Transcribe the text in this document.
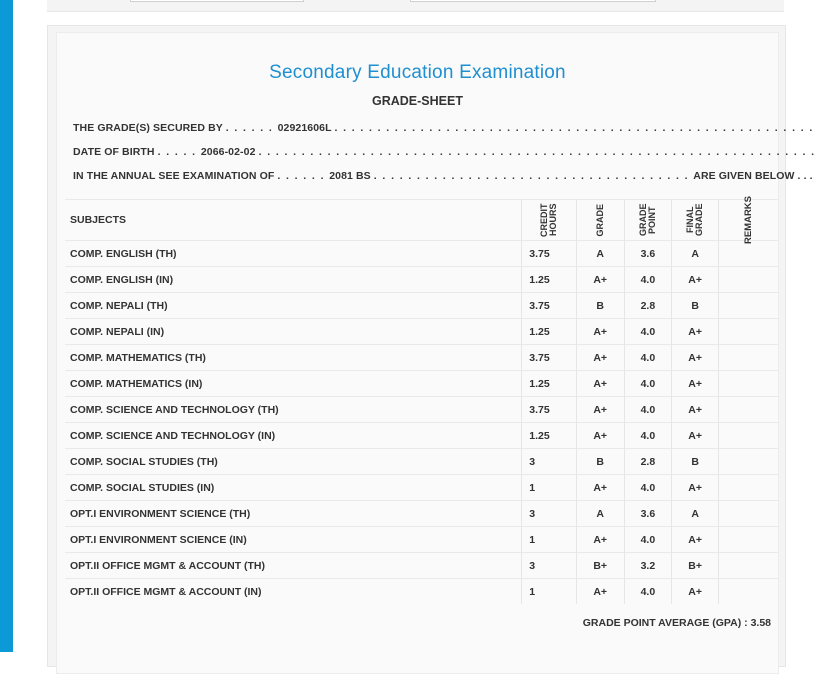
Secondary Education Examination
GRADE-SHEET
THE GRADE(S) SECURED BY . . . . . . 02921606L . . . . . . . . . . . . . . . . . . . . . . . . . . . . . . . . . . . . . . . . . . . . . . . . . . . . . . . .
DATE OF BIRTH . . . . . 2066-02-02 . . . . . . . . . . . . . . . . . . . . . . . . . . . . . . . . . . . . . . . . . . . . . . . . . . . . . . . . . . . . . . . . .
IN THE ANNUAL SEE EXAMINATION OF . . . . . . 2081 BS . . . . . . . . . . . . . . . . . . . . . . . . . . . . . . . . . . . . . ARE GIVEN BELOW . . .
SUBJECTS	CREDIT HOURS	GRADE	GRADE POINT	FINAL GRADE	REMARKS

COMP. ENGLISH (TH)	3.75	A	3.6	A	
COMP. ENGLISH (IN)	1.25	A+	4.0	A+	
COMP. NEPALI (TH)	3.75	B	2.8	B	
COMP. NEPALI (IN)	1.25	A+	4.0	A+	
COMP. MATHEMATICS (TH)	3.75	A+	4.0	A+	
COMP. MATHEMATICS (IN)	1.25	A+	4.0	A+	
COMP. SCIENCE AND TECHNOLOGY (TH)	3.75	A+	4.0	A+	
COMP. SCIENCE AND TECHNOLOGY (IN)	1.25	A+	4.0	A+	
COMP. SOCIAL STUDIES (TH)	3	B	2.8	B	
COMP. SOCIAL STUDIES (IN)	1	A+	4.0	A+	
OPT.I ENVIRONMENT SCIENCE (TH)	3	A	3.6	A	
OPT.I ENVIRONMENT SCIENCE (IN)	1	A+	4.0	A+	
OPT.II OFFICE MGMT & ACCOUNT (TH)	3	B+	3.2	B+	
OPT.II OFFICE MGMT & ACCOUNT (IN)	1	A+	4.0	A+	
GRADE POINT AVERAGE (GPA) : 3.58
